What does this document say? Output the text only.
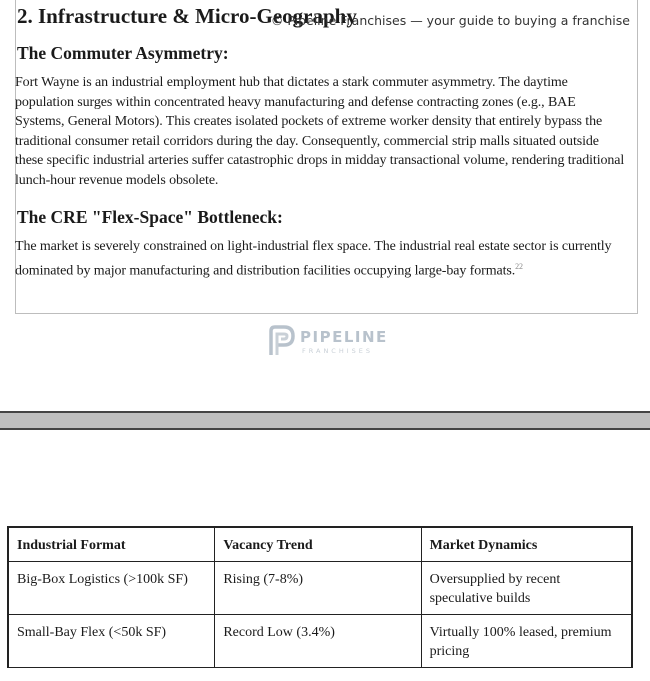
2. Infrastructure & Micro-Geography
© Pipeline Franchises — your guide to buying a franchise
The Commuter Asymmetry:
Fort Wayne is an industrial employment hub that dictates a stark commuter asymmetry. The daytime population surges within concentrated heavy manufacturing and defense contracting zones (e.g., BAE Systems, General Motors). This creates isolated pockets of extreme worker density that entirely bypass the traditional consumer retail corridors during the day. Consequently, commercial strip malls situated outside these specific industrial arteries suffer catastrophic drops in midday transactional volume, rendering traditional lunch-hour revenue models obsolete.
The CRE "Flex-Space" Bottleneck:
The market is severely constrained on light-industrial flex space. The industrial real estate sector is currently dominated by major manufacturing and distribution facilities occupying large-bay formats.$^{22}$
PIPELINE
FRANCHISES
Industrial Format	Vacancy Trend	Market Dynamics
Big-Box Logistics (>100k SF)	Rising (7-8%)	Oversupplied by recent speculative builds
Small-Bay Flex (<50k SF)	Record Low (3.4%)	Virtually 100% leased, premium pricing
